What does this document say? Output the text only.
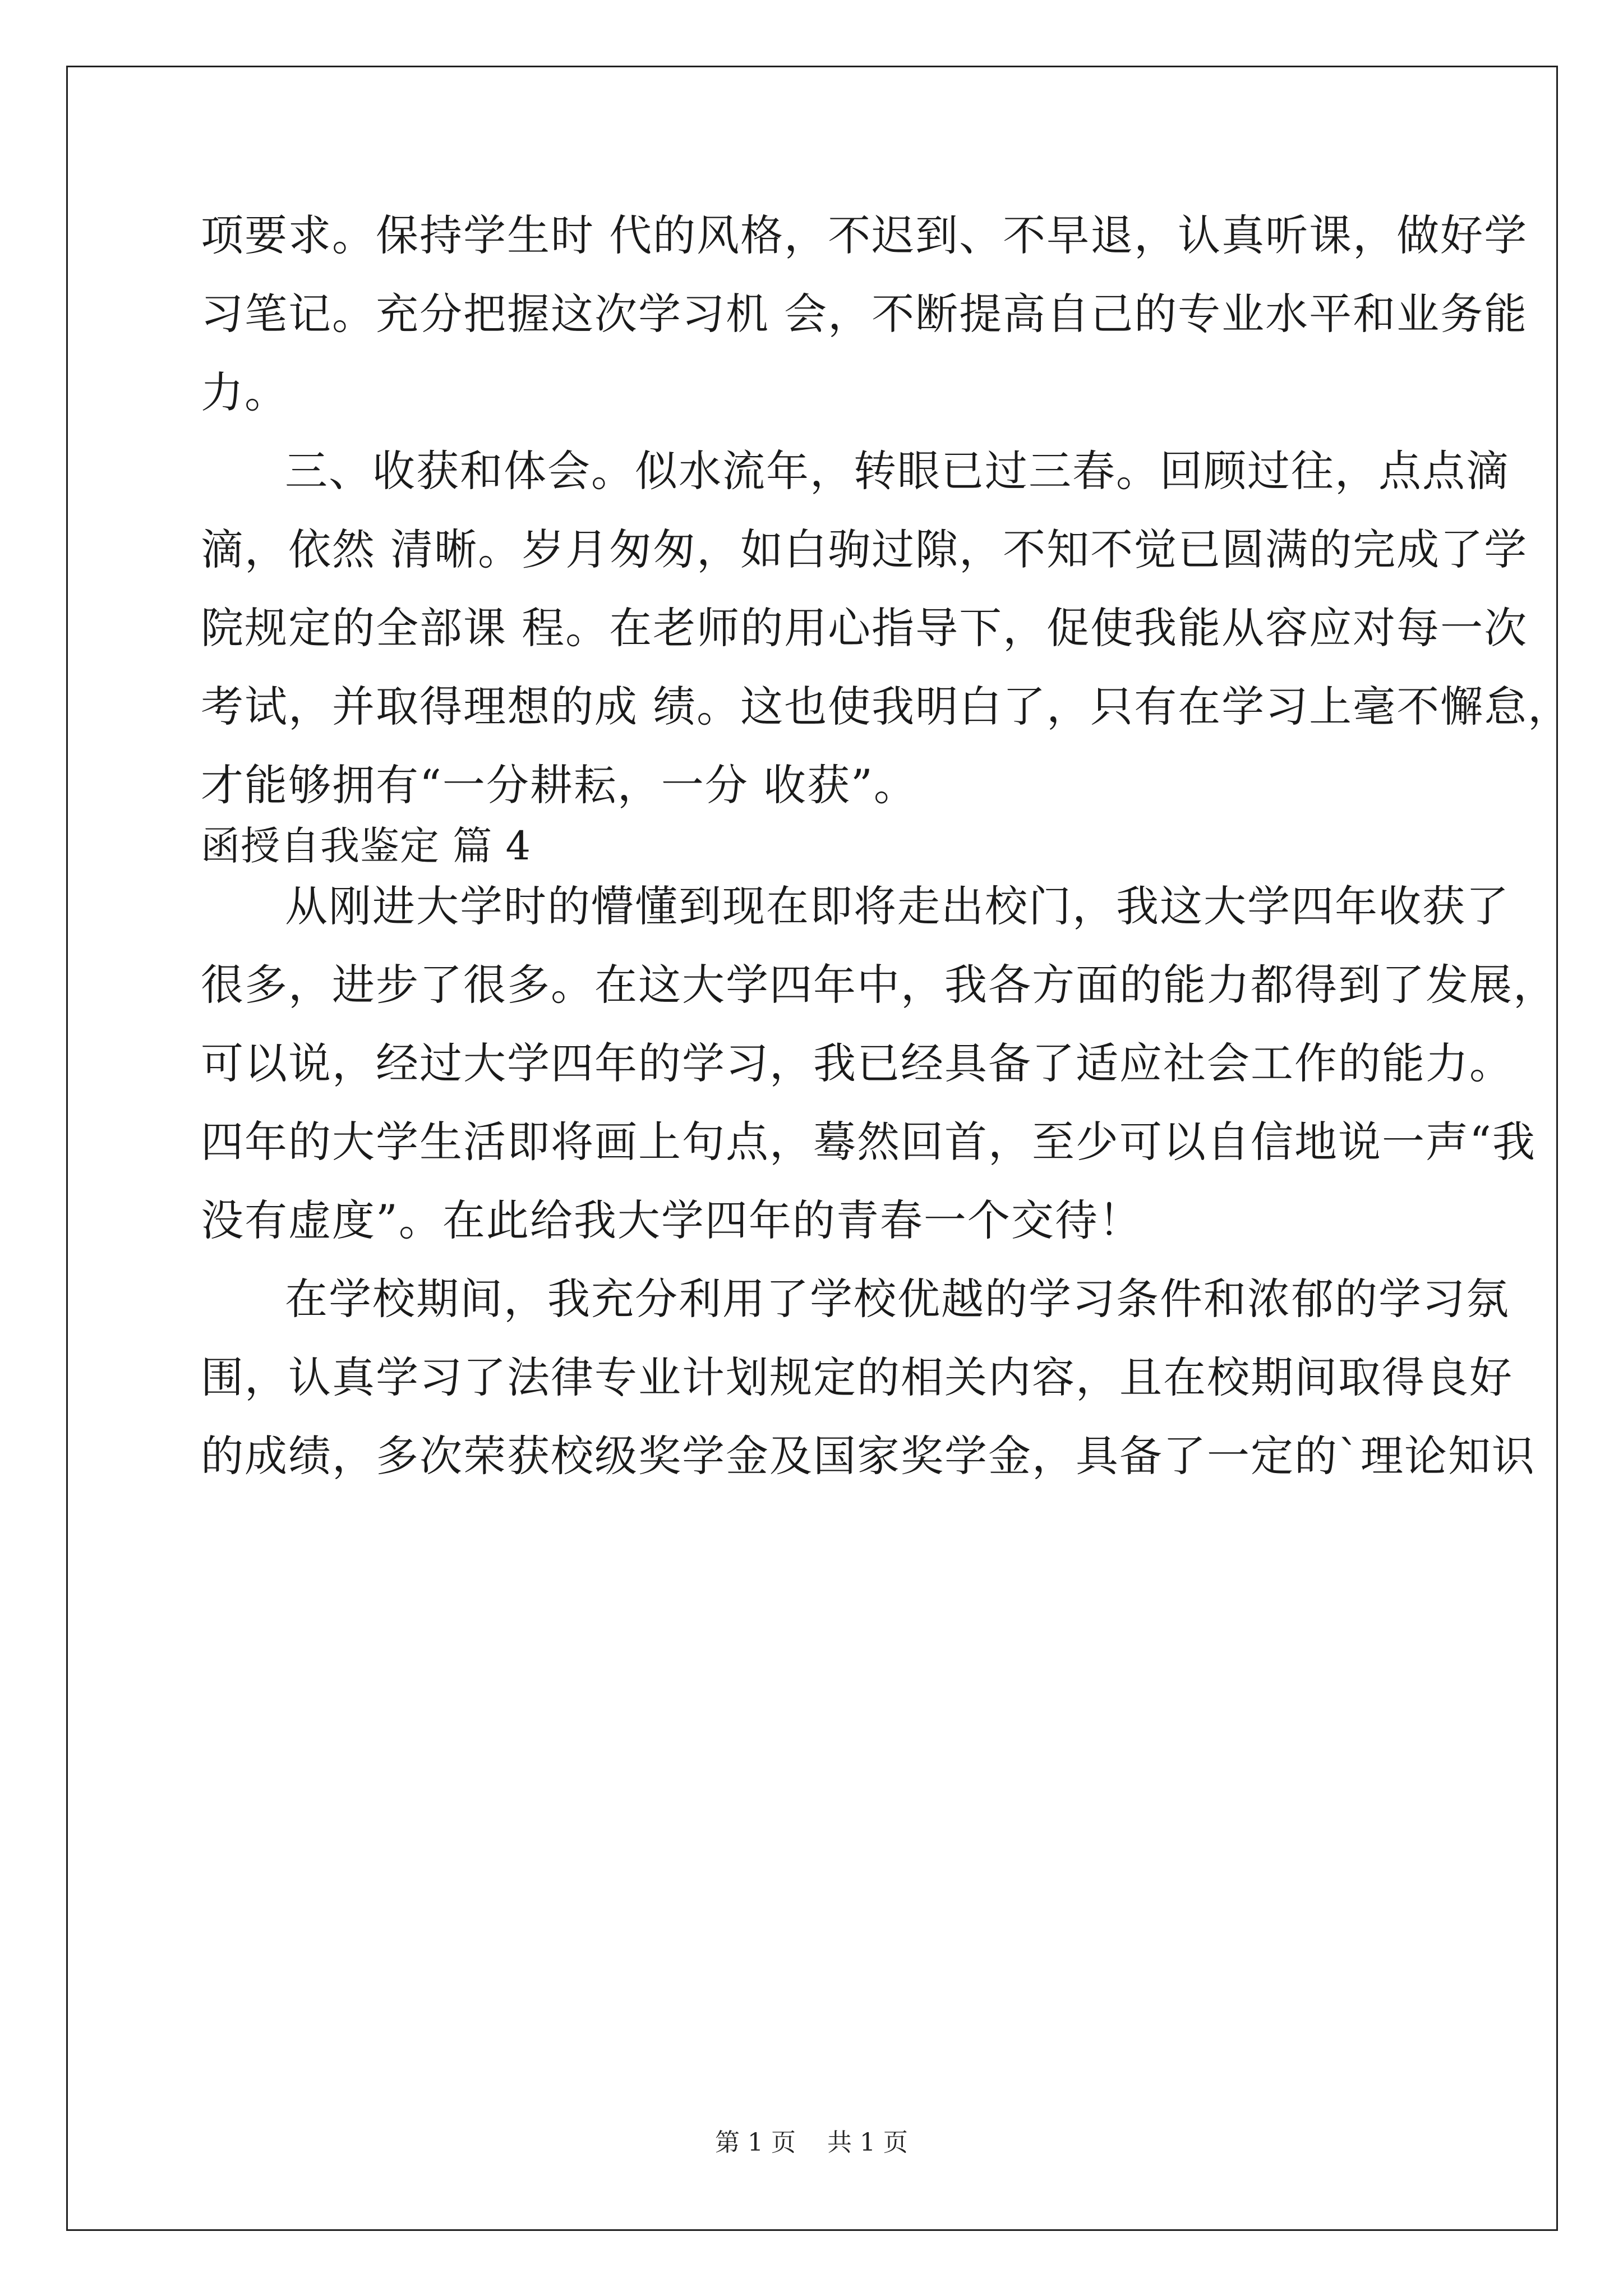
项要求。保持学生时 代的风格，不迟到、不早退，认真听课，做好学
习笔记。充分把握这次学习机 会，不断提高自己的专业水平和业务能
力。
三、收获和体会。似水流年，转眼已过三春。回顾过往，点点滴
滴，依然 清晰。岁月匆匆，如白驹过隙，不知不觉已圆满的完成了学
院规定的全部课 程。在老师的用心指导下，促使我能从容应对每一次
考试，并取得理想的成 绩。这也使我明白了，只有在学习上毫不懈怠，
才能够拥有“一分耕耘，一分 收获”。
函授自我鉴定 篇 4
从刚进大学时的懵懂到现在即将走出校门，我这大学四年收获了
很多，进步了很多。在这大学四年中，我各方面的能力都得到了发展，
可以说，经过大学四年的学习，我已经具备了适应社会工作的能力。
四年的大学生活即将画上句点，蓦然回首，至少可以自信地说一声“我
没有虚度”。在此给我大学四年的青春一个交待！
在学校期间，我充分利用了学校优越的学习条件和浓郁的学习氛
围，认真学习了法律专业计划规定的相关内容，且在校期间取得良好
的成绩，多次荣获校级奖学金及国家奖学金，具备了一定的`理论知识
第 1 页    共 1 页
